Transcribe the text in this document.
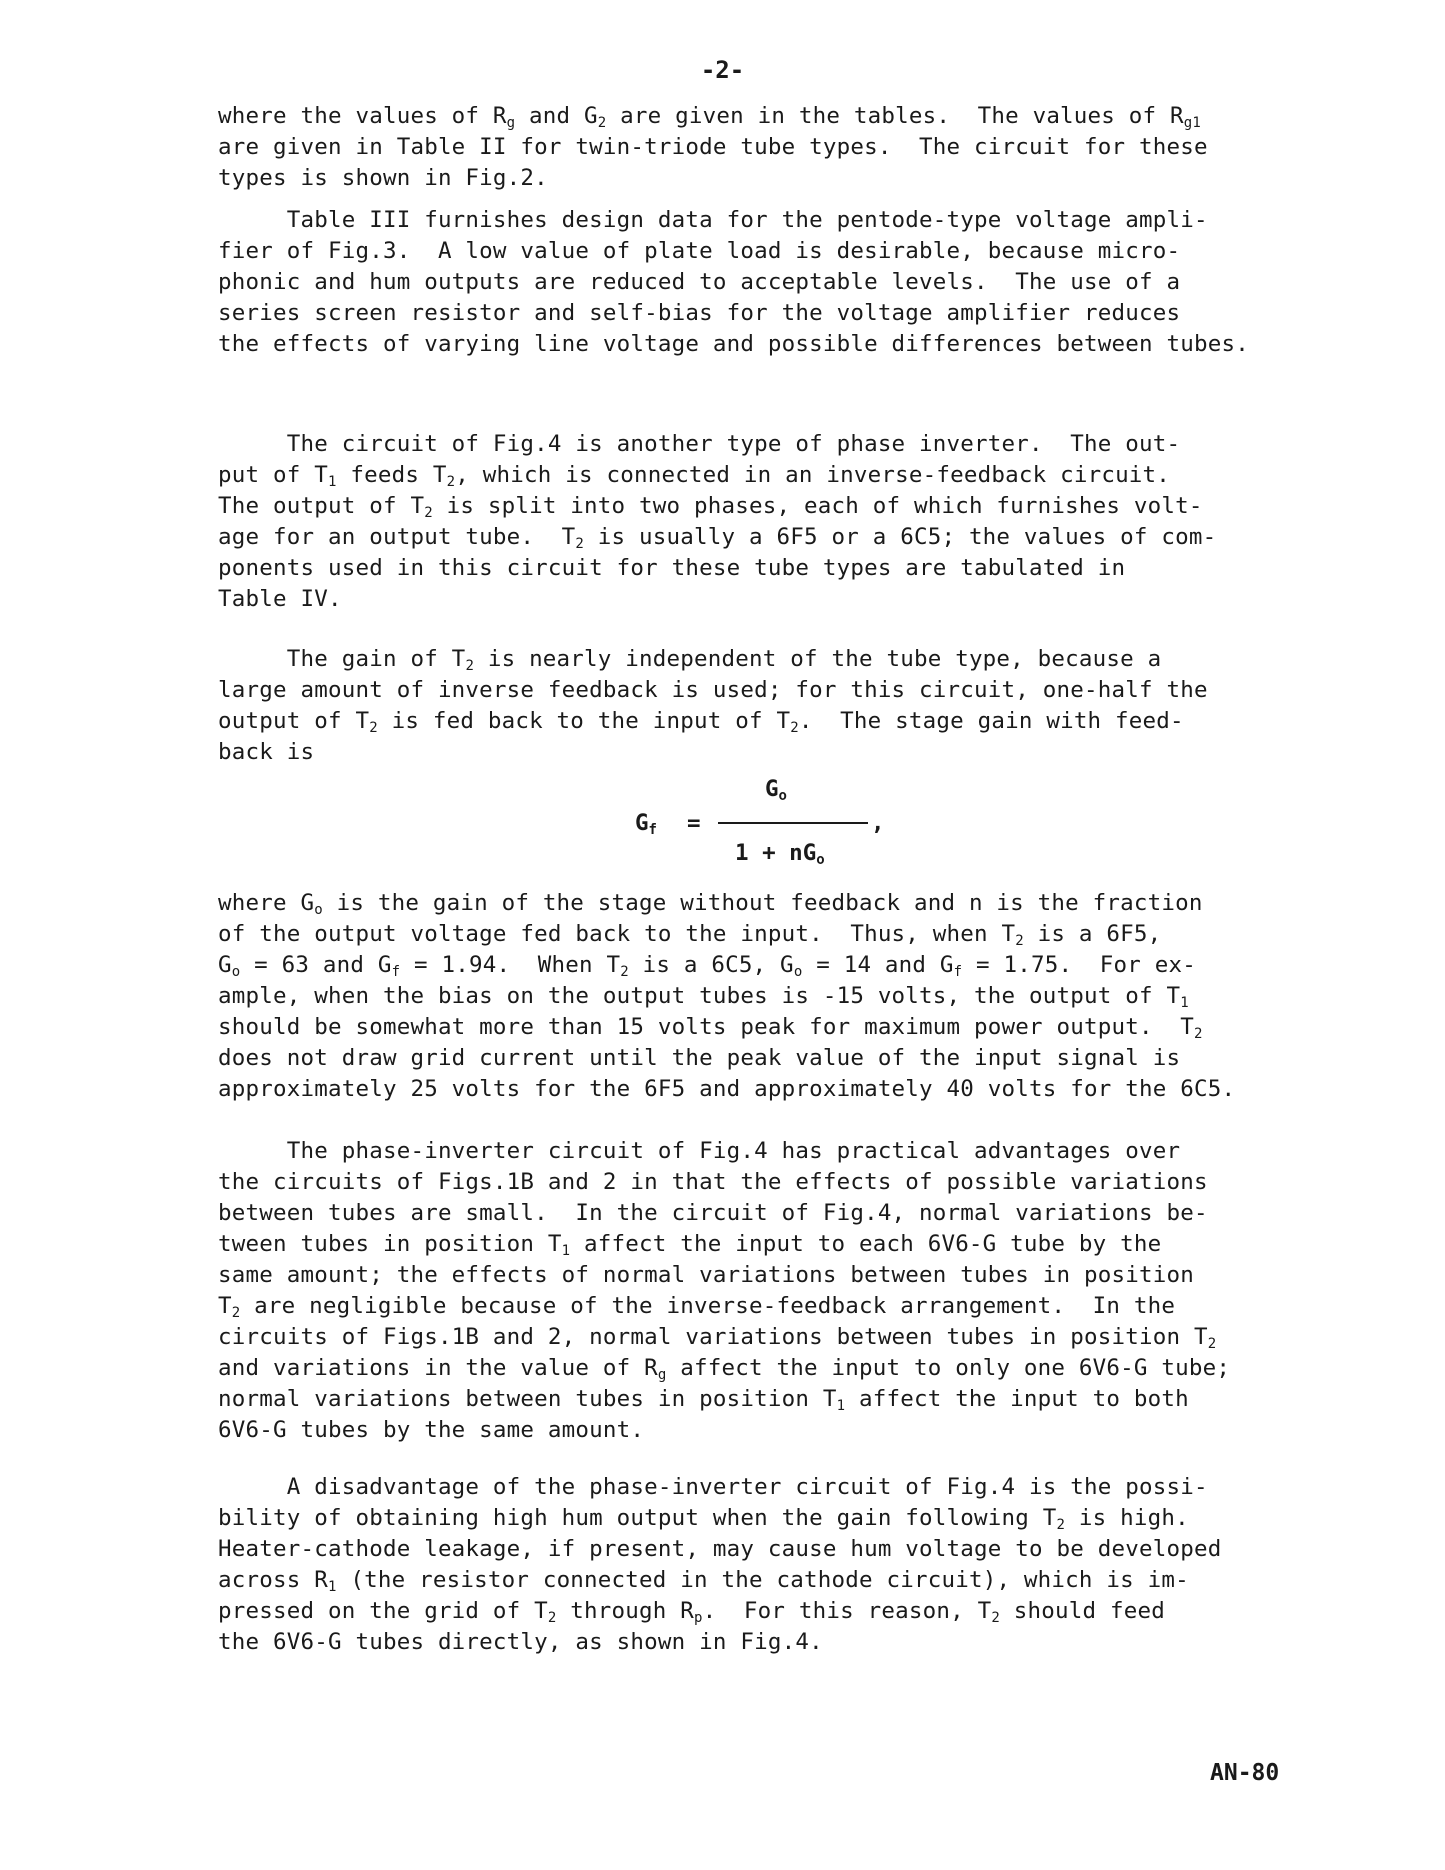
-2-
where the values of $R_g$ and $G_2$ are given in the tables.  The values of $R_{g1}$
are given in Table II for twin-triode tube types.  The circuit for these
types is shown in Fig.2.
Table III furnishes design data for the pentode-type voltage ampli-
fier of Fig.3.  A low value of plate load is desirable, because micro-
phonic and hum outputs are reduced to acceptable levels.  The use of a
series screen resistor and self-bias for the voltage amplifier reduces
the effects of varying line voltage and possible differences between tubes.
The circuit of Fig.4 is another type of phase inverter.  The out-
put of $T_1$ feeds $T_2$, which is connected in an inverse-feedback circuit.
The output of $T_2$ is split into two phases, each of which furnishes volt-
age for an output tube.  $T_2$ is usually a 6F5 or a 6C5; the values of com-
ponents used in this circuit for these tube types are tabulated in
Table IV.
The gain of $T_2$ is nearly independent of the tube type, because a
large amount of inverse feedback is used; for this circuit, one-half the
output of $T_2$ is fed back to the input of $T_2$.  The stage gain with feed-
back is
$G_f$ =
$G_o$
,
$1 + nG_o$
where $G_o$ is the gain of the stage without feedback and n is the fraction
of the output voltage fed back to the input.  Thus, when $T_2$ is a 6F5,
$G_o = 63$ and $G_f = 1.94$.  When $T_2$ is a 6C5, $G_o = 14$ and $G_f = 1.75$.  For ex-
ample, when the bias on the output tubes is -15 volts, the output of $T_1$
should be somewhat more than 15 volts peak for maximum power output.  $T_2$
does not draw grid current until the peak value of the input signal is
approximately 25 volts for the 6F5 and approximately 40 volts for the 6C5.
The phase-inverter circuit of Fig.4 has practical advantages over
the circuits of Figs.1B and 2 in that the effects of possible variations
between tubes are small.  In the circuit of Fig.4, normal variations be-
tween tubes in position $T_1$ affect the input to each 6V6-G tube by the
same amount; the effects of normal variations between tubes in position
$T_2$ are negligible because of the inverse-feedback arrangement.  In the
circuits of Figs.1B and 2, normal variations between tubes in position $T_2$
and variations in the value of $R_g$ affect the input to only one 6V6-G tube;
normal variations between tubes in position $T_1$ affect the input to both
6V6-G tubes by the same amount.
A disadvantage of the phase-inverter circuit of Fig.4 is the possi-
bility of obtaining high hum output when the gain following $T_2$ is high.
Heater-cathode leakage, if present, may cause hum voltage to be developed
across $R_1$ (the resistor connected in the cathode circuit), which is im-
pressed on the grid of $T_2$ through $R_p$.  For this reason, $T_2$ should feed
the 6V6-G tubes directly, as shown in Fig.4.
AN-80
